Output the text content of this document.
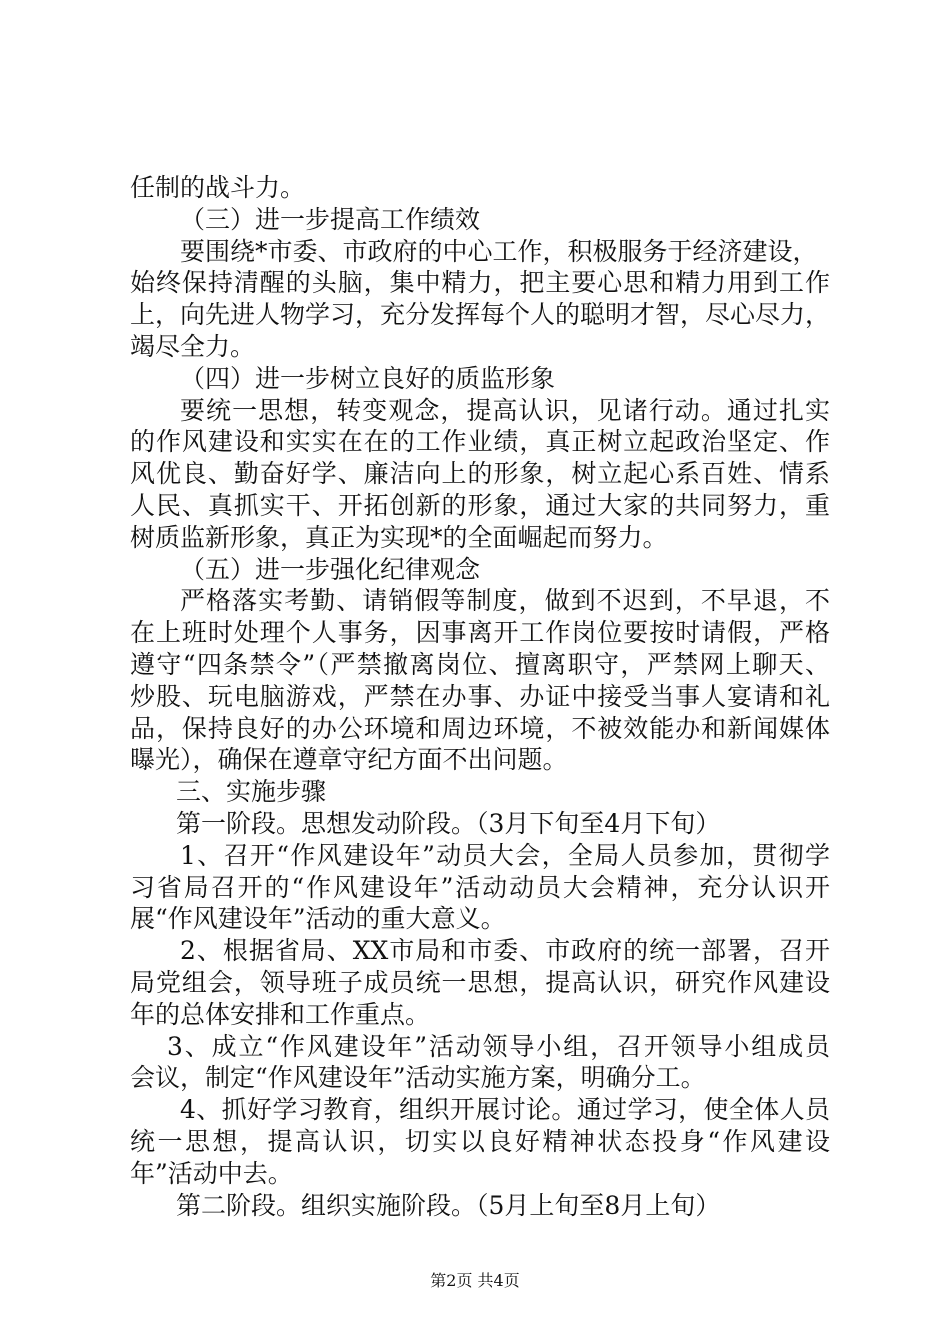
任制的战斗力。
（三）进一步提高工作绩效
要围绕*市委、市政府的中心工作，积极服务于经济建设，
始终保持清醒的头脑，集中精力，把主要心思和精力用到工作
上，向先进人物学习，充分发挥每个人的聪明才智，尽心尽力，
竭尽全力。
（四）进一步树立良好的质监形象
要统一思想，转变观念，提高认识，见诸行动。通过扎实
的作风建设和实实在在的工作业绩，真正树立起政治坚定、作
风优良、勤奋好学、廉洁向上的形象，树立起心系百姓、情系
人民、真抓实干、开拓创新的形象，通过大家的共同努力，重
树质监新形象，真正为实现*的全面崛起而努力。
（五）进一步强化纪律观念
严格落实考勤、请销假等制度，做到不迟到，不早退，不
在上班时处理个人事务，因事离开工作岗位要按时请假，严格
遵守“四条禁令”（严禁撤离岗位、擅离职守，严禁网上聊天、
炒股、玩电脑游戏，严禁在办事、办证中接受当事人宴请和礼
品，保持良好的办公环境和周边环境，不被效能办和新闻媒体
曝光），确保在遵章守纪方面不出问题。
三、实施步骤
第一阶段。思想发动阶段。（3月下旬至4月下旬）
1、召开“作风建设年”动员大会，全局人员参加，贯彻学
习省局召开的“作风建设年”活动动员大会精神，充分认识开
展“作风建设年”活动的重大意义。
2、根据省局、XX市局和市委、市政府的统一部署，召开
局党组会，领导班子成员统一思想，提高认识，研究作风建设
年的总体安排和工作重点。
3、成立“作风建设年”活动领导小组，召开领导小组成员
会议，制定“作风建设年”活动实施方案，明确分工。
4、抓好学习教育，组织开展讨论。通过学习，使全体人员
统一思想，提高认识，切实以良好精神状态投身“作风建设
年”活动中去。
第二阶段。组织实施阶段。（5月上旬至8月上旬）
第2页 共4页
